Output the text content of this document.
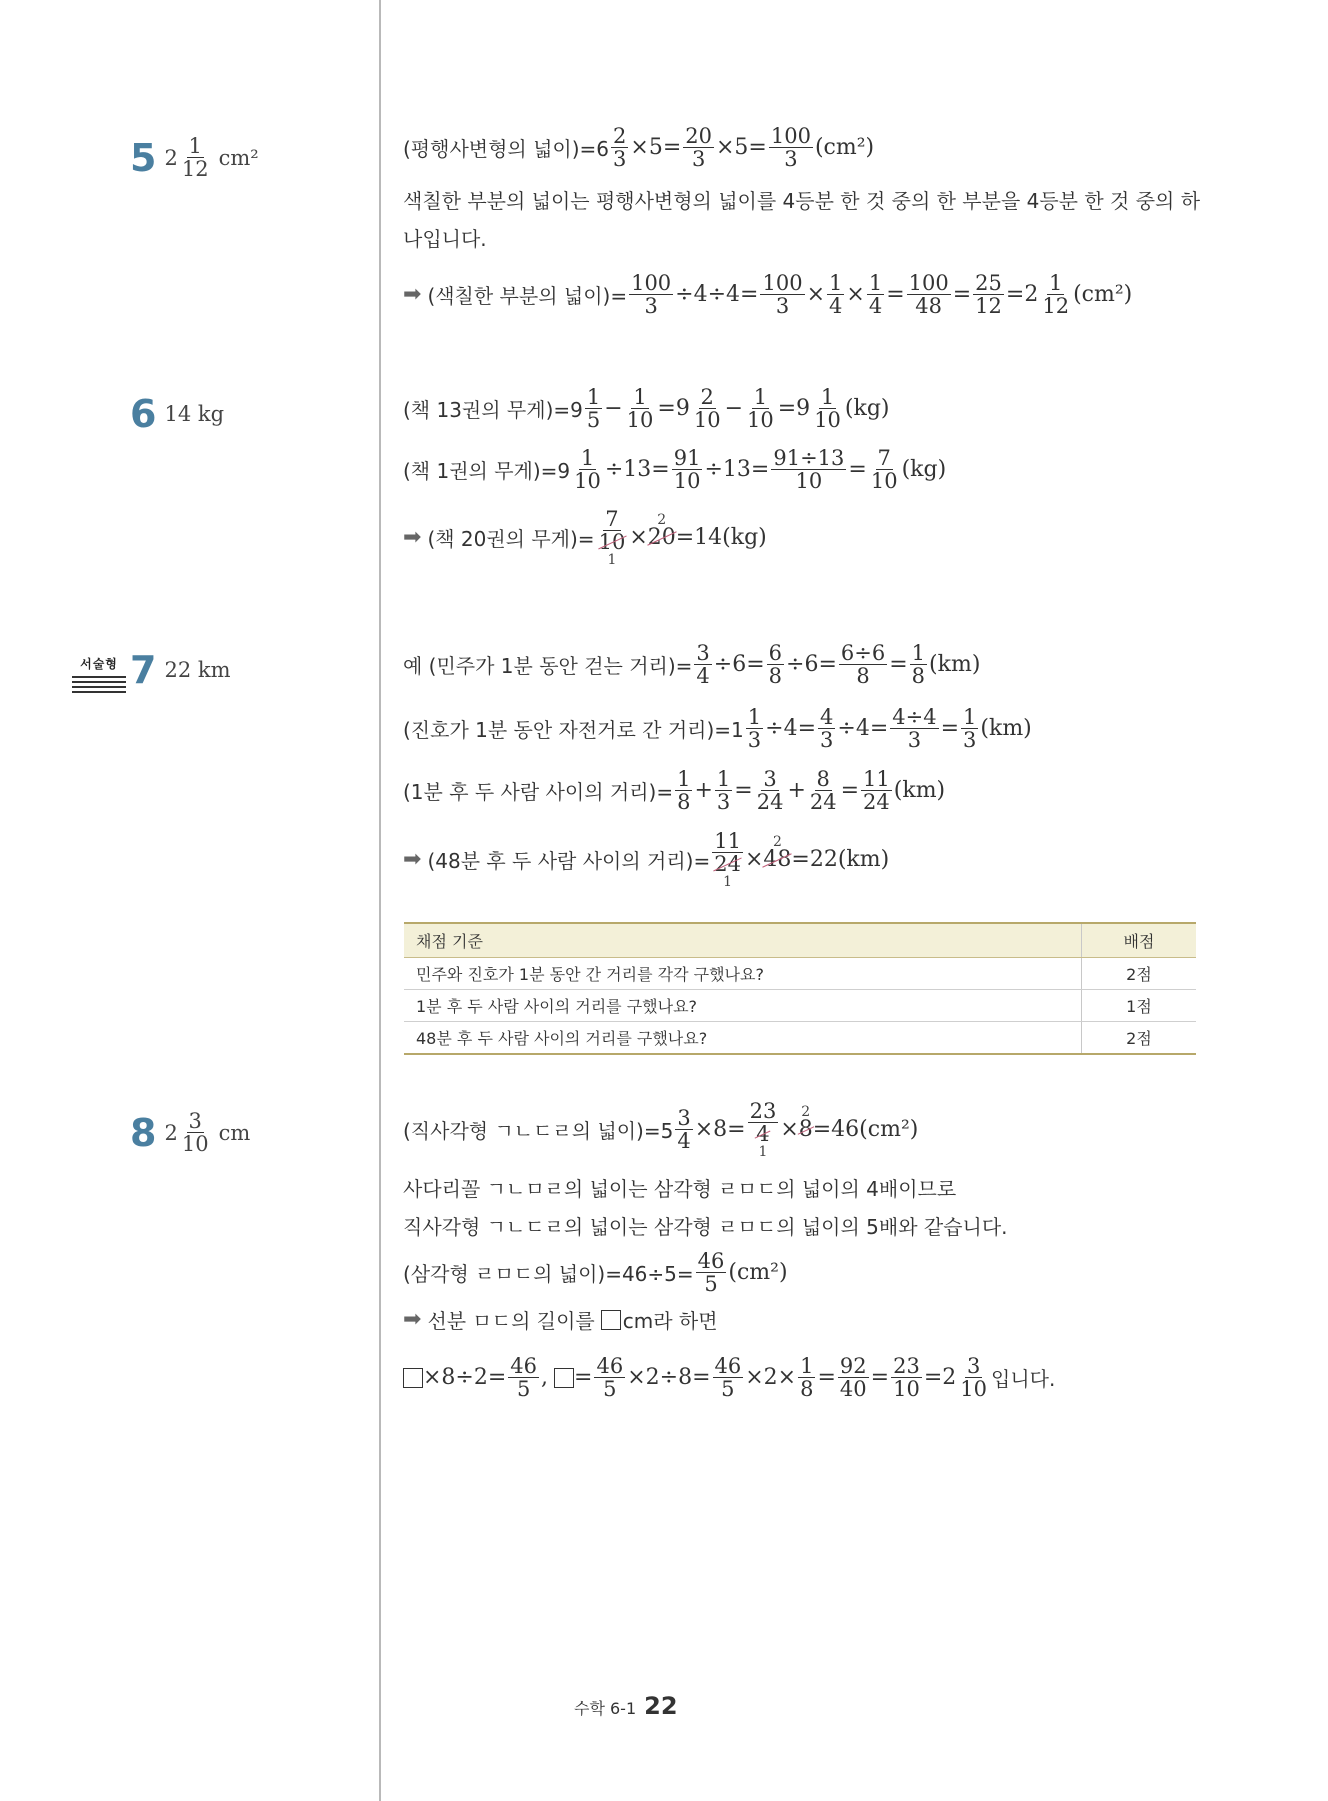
5 $2 \frac{1}{12} cm^2$	(평행사변형의 넓이)$=6 \frac{2}{3} \times 5= \frac{20}{3} \times 5= \frac{100}{3} (cm^2)$
색칠한 부분의 넓이는 평행사변형의 넓이를 4등분 한 것 중의 한 부분을 4등분 한 것 중의 하나입니다.
➡ (색칠한 부분의 넓이)= $\frac{100}{3} \div 4\div 4= \frac{100}{3} \times \frac{1}{4} \times \frac{1}{4} = \frac{100}{48} = \frac{25}{12} =2 \frac{1}{12} (cm^2)$
6 14 kg	(책 13권의 무게)$=9 \frac{1}{5} - \frac{1}{10} =9 \frac{2}{10} - \frac{1}{10} =9 \frac{1}{10} (kg)$
(책 1권의 무게)$=9 \frac{1}{10} \div 13= \frac{91}{10} \div 13= \frac{91\div 13}{10} = \frac{7}{10} (kg)$
➡ (책 20권의 무게)=
7
10
1
×
2
20
=14(kg)
서술형 7 22 km	예 (민주가 1분 동안 걷는 거리)= $\frac{3}{4} \div 6= \frac{6}{8} \div 6= \frac{6\div 6}{8} = \frac{1}{8} (km)$
(진호가 1분 동안 자전거로 간 거리)$=1 \frac{1}{3} \div 4= \frac{4}{3} \div 4= \frac{4\div 4}{3} = \frac{1}{3} (km)$
(1분 후 두 사람 사이의 거리)= $\frac{1}{8} + \frac{1}{3} = \frac{3}{24} + \frac{8}{24} = \frac{11}{24} (km)$
➡ (48분 후 두 사람 사이의 거리)=
11
24
1
×
2
48
=22(km)
채점 기준	배점
민주와 진호가 1분 동안 간 거리를 각각 구했나요?	2점
1분 후 두 사람 사이의 거리를 구했나요?	1점
48분 후 두 사람 사이의 거리를 구했나요?	2점
8 $2 \frac{3}{10}$ cm	(직사각형 ㄱㄴㄷㄹ의 넓이)$=5 \frac{3}{4} \times 8=$
23
4
1
×
2
8
=46(cm²)
사다리꼴 ㄱㄴㅁㄹ의 넓이는 삼각형 ㄹㅁㄷ의 넓이의 4배이므로
직사각형 ㄱㄴㄷㄹ의 넓이는 삼각형 ㄹㅁㄷ의 넓이의 5배와 같습니다.
(삼각형 ㄹㅁㄷ의 넓이)$=46\div 5= \frac{46}{5} (cm^2)$
➡ 선분 ㅁㄷ의 길이를 cm라 하면
$\times 8\div 2= \frac{46}{5}$ , = $\frac{46}{5} \times 2\div 8= \frac{46}{5} \times 2\times \frac{1}{8} = \frac{92}{40} = \frac{23}{10} =2 \frac{3}{10}$ 입니다.
수학 6-1 22
